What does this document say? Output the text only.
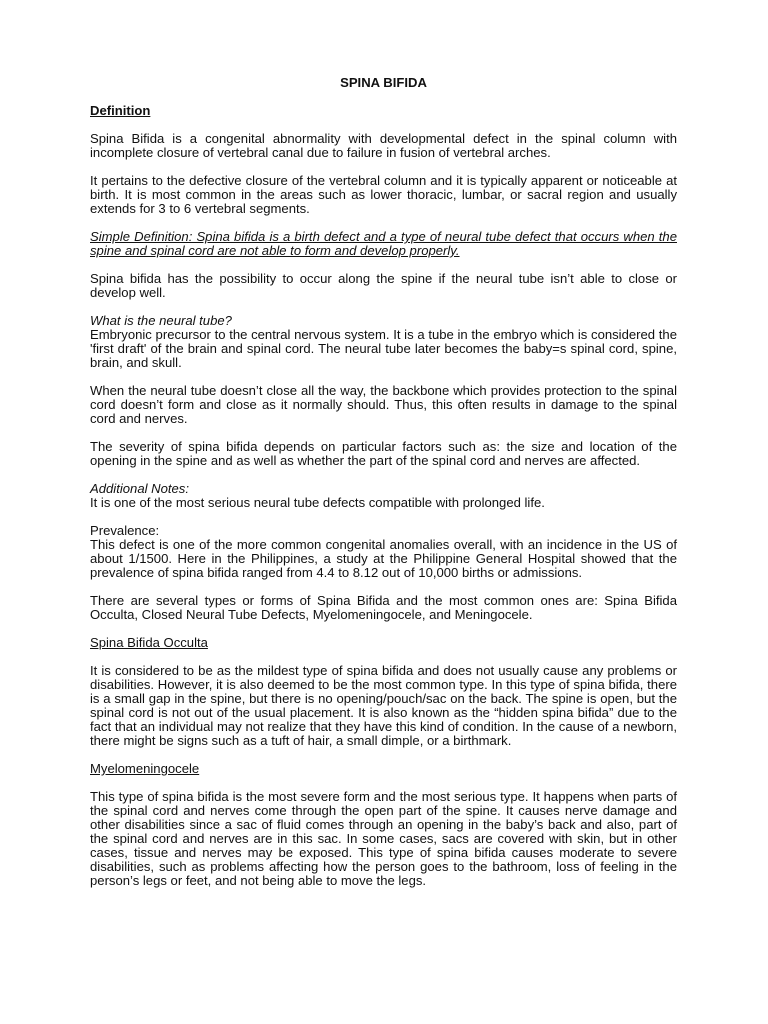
SPINA BIFIDA
Definition
Spina Bifida is a congenital abnormality with developmental defect in the spinal column with incomplete closure of vertebral canal due to failure in fusion of vertebral arches.
It pertains to the defective closure of the vertebral column and it is typically apparent or noticeable at birth. It is most common in the areas such as lower thoracic, lumbar, or sacral region and usually extends for 3 to 6 vertebral segments.
Simple Definition: Spina bifida is a birth defect and a type of neural tube defect that occurs when the spine and spinal cord are not able to form and develop properly.
Spina bifida has the possibility to occur along the spine if the neural tube isn’t able to close or develop well.
What is the neural tube?
Embryonic precursor to the central nervous system. It is a tube in the embryo which is considered the 'first draft' of the brain and spinal cord. The neural tube later becomes the baby=s spinal cord, spine, brain, and skull.
When the neural tube doesn’t close all the way, the backbone which provides protection to the spinal cord doesn’t form and close as it normally should. Thus, this often results in damage to the spinal cord and nerves.
The severity of spina bifida depends on particular factors such as: the size and location of the opening in the spine and as well as whether the part of the spinal cord and nerves are affected.
Additional Notes:
It is one of the most serious neural tube defects compatible with prolonged life.
Prevalence:
This defect is one of the more common congenital anomalies overall, with an incidence in the US of about 1/1500. Here in the Philippines, a study at the Philippine General Hospital showed that the prevalence of spina bifida ranged from 4.4 to 8.12 out of 10,000 births or admissions.
There are several types or forms of Spina Bifida and the most common ones are: Spina Bifida Occulta, Closed Neural Tube Defects, Myelomeningocele, and Meningocele.
Spina Bifida Occulta
It is considered to be as the mildest type of spina bifida and does not usually cause any problems or disabilities. However, it is also deemed to be the most common type. In this type of spina bifida, there is a small gap in the spine, but there is no opening/pouch/sac on the back. The spine is open, but the spinal cord is not out of the usual placement. It is also known as the “hidden spina bifida” due to the fact that an individual may not realize that they have this kind of condition. In the cause of a newborn, there might be signs such as a tuft of hair, a small dimple, or a birthmark.
Myelomeningocele
This type of spina bifida is the most severe form and the most serious type. It happens when parts of the spinal cord and nerves come through the open part of the spine. It causes nerve damage and other disabilities since a sac of fluid comes through an opening in the baby’s back and also, part of the spinal cord and nerves are in this sac. In some cases, sacs are covered with skin, but in other cases, tissue and nerves may be exposed. This type of spina bifida causes moderate to severe disabilities, such as problems affecting how the person goes to the bathroom, loss of feeling in the person’s legs or feet, and not being able to move the legs.
